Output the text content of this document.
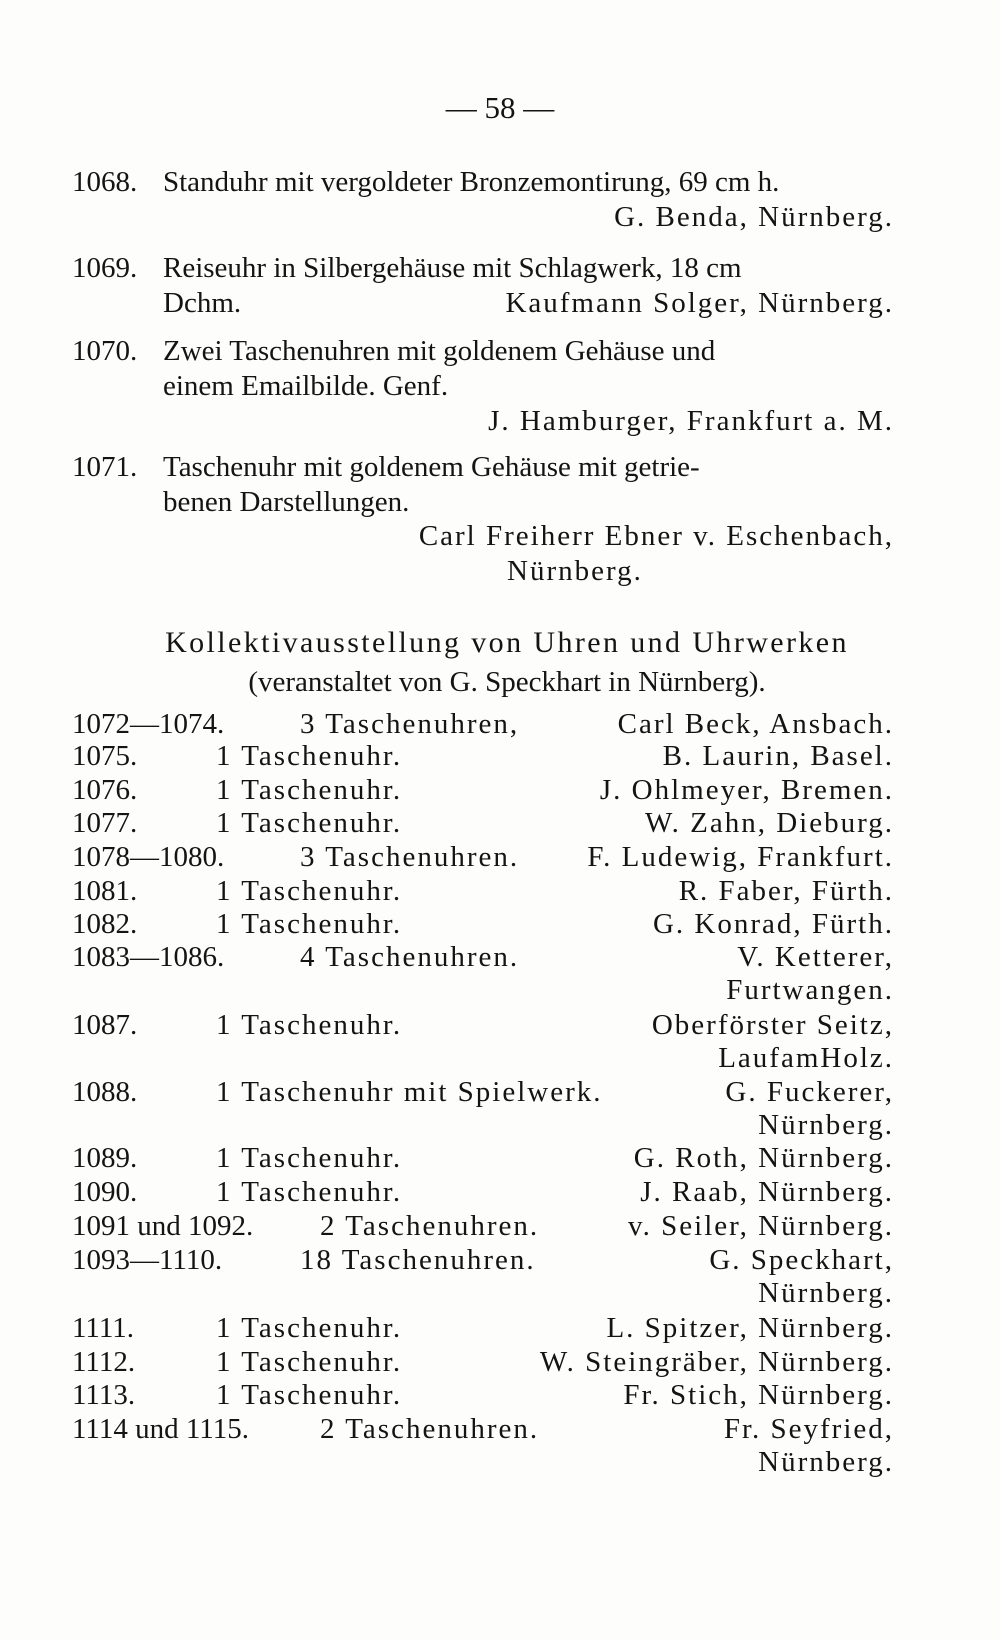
— 58 —
1068. Standuhr mit vergoldeter Bronzemontirung, 69 cm h.
G. Benda, Nürnberg.
1069. Reiseuhr in Silbergehäuse mit Schlagwerk, 18 cm
Dchm.	Kaufmann Solger, Nürnberg.
1070. Zwei Taschenuhren mit goldenem Gehäuse und
einem Emailbilde. Genf.
J. Hamburger, Frankfurt a. M.
1071. Taschenuhr mit goldenem Gehäuse mit getrie-
benen Darstellungen.
Carl Freiherr Ebner v. Eschenbach,
Nürnberg.
Kollektivausstellung von Uhren und Uhrwerken
(veranstaltet von G. Speckhart in Nürnberg).
1072—1074.	3 Taschenuhren,	Carl Beck, Ansbach.
1075.	1 Taschenuhr.	B. Laurin, Basel.
1076.	1 Taschenuhr.	J. Ohlmeyer, Bremen.
1077.	1 Taschenuhr.	W. Zahn, Dieburg.
1078—1080.	3 Taschenuhren. F. Ludewig, Frankfurt.
1081.	1 Taschenuhr.	R. Faber, Fürth.
1082.	1 Taschenuhr.	G. Konrad, Fürth.
1083—1086.	4 Taschenuhren.	V. Ketterer,
Furtwangen.
1087.	1 Taschenuhr.	Oberförster Seitz,
LaufamHolz.
1088.	1 Taschenuhr mit Spielwerk.	G. Fuckerer,
Nürnberg.
1089.	1 Taschenuhr.	G. Roth, Nürnberg.
1090.	1 Taschenuhr.	J. Raab, Nürnberg.
1091 und 1092. 2 Taschenuhren.	v. Seiler, Nürnberg.
1093—1110.	18 Taschenuhren.	G. Speckhart,
Nürnberg.
1111.	1 Taschenuhr.	L. Spitzer, Nürnberg.
1112.	1 Taschenuhr.	W. Steingräber, Nürnberg.
1113.	1 Taschenuhr.	Fr. Stich, Nürnberg.
1114 und 1115. 2 Taschenuhren.	Fr. Seyfried,
Nürnberg.
